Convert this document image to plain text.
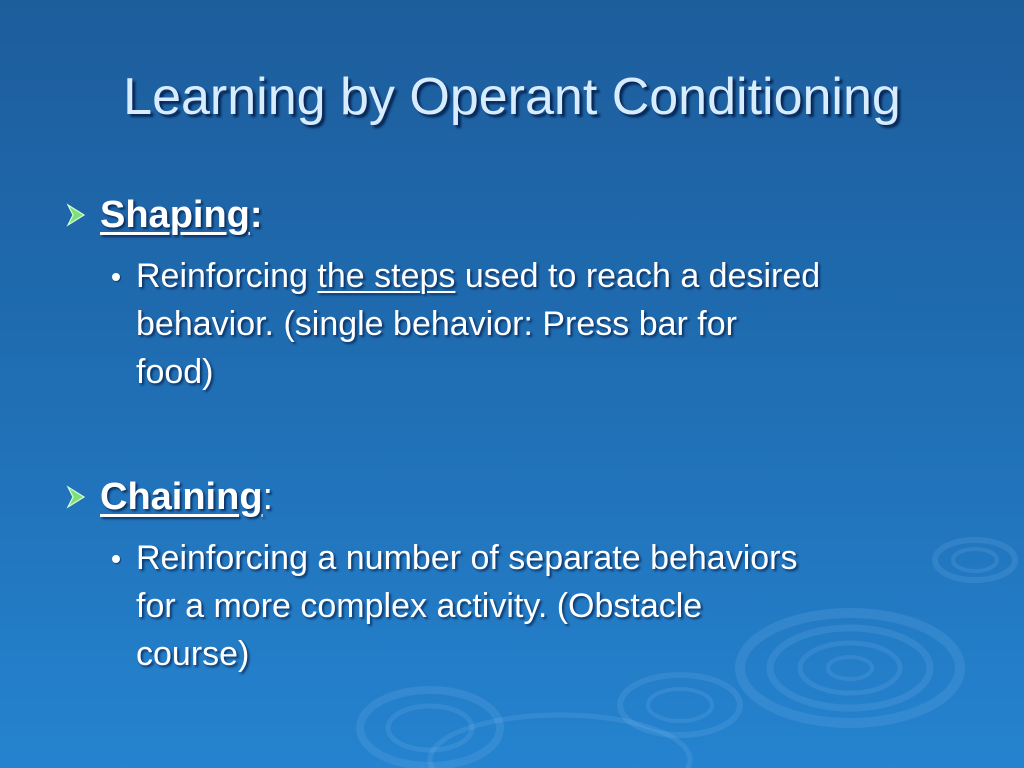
Learning by Operant Conditioning
Shaping :
Reinforcing the steps used to reach a desired
behavior. (single behavior: Press bar for
food)
Chaining :
Reinforcing a number of separate behaviors
for a more complex activity. (Obstacle
course)
